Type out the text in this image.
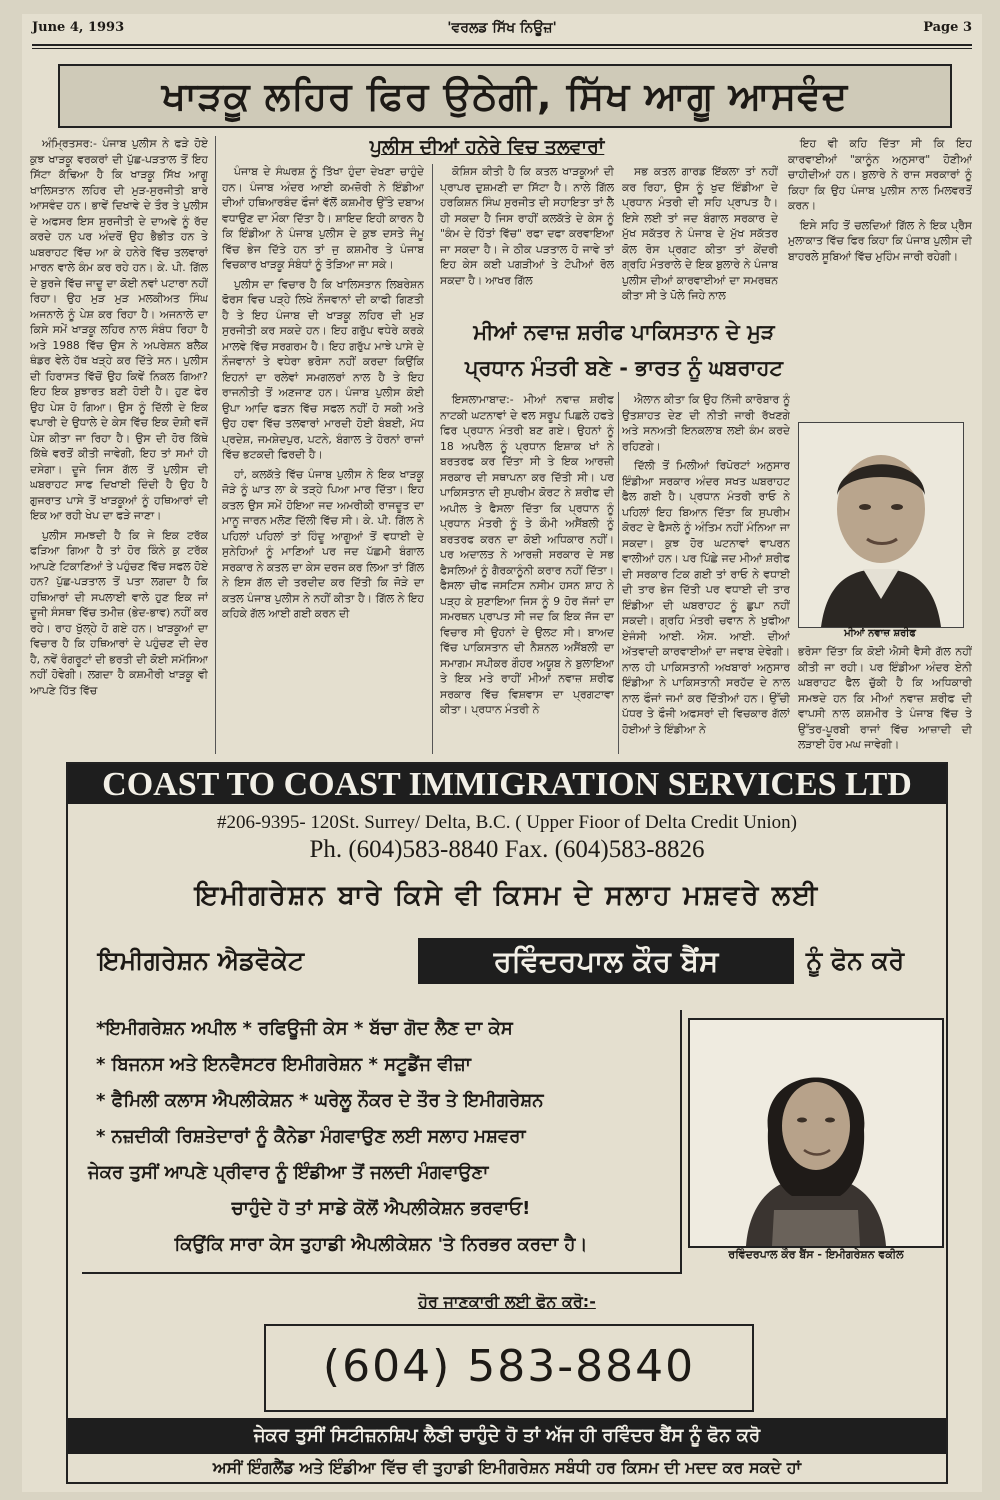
June 4, 1993	'ਵਰਲਡ ਸਿੱਖ ਨਿਊਜ਼'	Page 3
ਖਾੜਕੂ ਲਹਿਰ ਫਿਰ ਉਠੇਗੀ, ਸਿੱਖ ਆਗੂ ਆਸਵੰਦ
ਪੁਲੀਸ ਦੀਆਂ ਹਨੇਰੇ ਵਿਚ ਤਲਵਾਰਾਂ

ਅੰਮ੍ਰਿਤਸਰ:- ਪੰਜਾਬ ਪੁਲੀਸ ਨੇ ਫੜੇ ਹੋਏ ਕੁਝ ਖਾੜਕੂ ਵਰਕਰਾਂ ਦੀ ਪੁੱਛ-ਪੜਤਾਲ ਤੋਂ ਇਹ ਸਿੱਟਾ ਕੱਢਿਆ ਹੈ ਕਿ ਖਾੜਕੂ ਸਿੱਖ ਆਗੂ ਖਾਲਿਸਤਾਨ ਲਹਿਰ ਦੀ ਮੁੜ-ਸੁਰਜੀਤੀ ਬਾਰੇ ਆਸਵੰਦ ਹਨ। ਭਾਵੇਂ ਦਿਖਾਵੇ ਦੇ ਤੌਰ ਤੇ ਪੁਲੀਸ ਦੇ ਅਫਸਰ ਇਸ ਸੁਰਜੀਤੀ ਦੇ ਦਾਅਵੇ ਨੂੰ ਰੱਦ ਕਰਦੇ ਹਨ ਪਰ ਅੰਦਰੋਂ ਉਹ ਭੈਭੀਤ ਹਨ ਤੇ ਘਬਰਾਹਟ ਵਿੱਚ ਆ ਕੇ ਹਨੇਰੇ ਵਿੱਚ ਤਲਵਾਰਾਂ ਮਾਰਨ ਵਾਲੇ ਕੰਮ ਕਰ ਰਹੇ ਹਨ। ਕੇ. ਪੀ. ਗਿੱਲ ਦੇ ਬੁਰਜੇ ਵਿੱਚ ਜਾਦੂ ਦਾ ਕੋਈ ਨਵਾਂ ਪਟਾਰਾ ਨਹੀਂ ਰਿਹਾ। ਉਹ ਮੁੜ ਮੁੜ ਮਲਕੀਅਤ ਸਿੰਘ ਅਜਨਾਲੇ ਨੂੰ ਪੇਸ਼ ਕਰ ਰਿਹਾ ਹੈ। ਅਜਨਾਲੇ ਦਾ ਕਿਸੇ ਸਮੇਂ ਖਾੜਕੂ ਲਹਿਰ ਨਾਲ ਸੰਬੰਧ ਰਿਹਾ ਹੈ ਅਤੇ 1988 ਵਿੱਚ ਉਸ ਨੇ ਅਪਰੇਸ਼ਨ ਬਲੈਕ ਥੰਡਰ ਵੇਲੇ ਹੱਥ ਖੜ੍ਹੇ ਕਰ ਦਿੱਤੇ ਸਨ। ਪੁਲੀਸ ਦੀ ਹਿਰਾਸਤ ਵਿੱਚੋਂ ਉਹ ਕਿਵੇਂ ਨਿਕਲ ਗਿਆ? ਇਹ ਇਕ ਬੁਝਾਰਤ ਬਣੀ ਹੋਈ ਹੈ। ਹੁਣ ਫੇਰ ਉਹ ਪੇਸ਼ ਹੋ ਗਿਆ। ਉਸ ਨੂੰ ਦਿੱਲੀ ਦੇ ਇਕ ਵਪਾਰੀ ਦੇ ਉਧਾਲੇ ਦੇ ਕੇਸ ਵਿੱਚ ਇਕ ਦੋਸ਼ੀ ਵਜੋਂ ਪੇਸ਼ ਕੀਤਾ ਜਾ ਰਿਹਾ ਹੈ। ਉਸ ਦੀ ਹੋਰ ਕਿੱਥੇ ਕਿੱਥੇ ਵਰਤੋਂ ਕੀਤੀ ਜਾਵੇਗੀ, ਇਹ ਤਾਂ ਸਮਾਂ ਹੀ ਦਸੇਗਾ। ਦੂਜੇ ਜਿਸ ਗੱਲ ਤੋਂ ਪੁਲੀਸ ਦੀ ਘਬਰਾਹਟ ਸਾਫ ਦਿਖਾਈ ਦਿੰਦੀ ਹੈ ਉਹ ਹੈ ਗੁਜਰਾਤ ਪਾਸੇ ਤੋਂ ਖਾੜਕੂਆਂ ਨੂੰ ਹਥਿਆਰਾਂ ਦੀ ਇਕ ਆ ਰਹੀ ਖੇਪ ਦਾ ਫੜੇ ਜਾਣਾ।

ਪੁਲੀਸ ਸਮਝਦੀ ਹੈ ਕਿ ਜੇ ਇਕ ਟਰੱਕ ਫੜਿਆ ਗਿਆ ਹੈ ਤਾਂ ਹੋਰ ਕਿੰਨੇ ਕੁ ਟਰੱਕ ਆਪਣੇ ਟਿਕਾਣਿਆਂ ਤੇ ਪਹੁੰਚਣ ਵਿੱਚ ਸਫਲ ਹੋਏ ਹਨ? ਪੁੱਛ-ਪੜਤਾਲ ਤੋਂ ਪਤਾ ਲਗਦਾ ਹੈ ਕਿ ਹਥਿਆਰਾਂ ਦੀ ਸਪਲਾਈ ਵਾਲੇ ਹੁਣ ਇਕ ਜਾਂ ਦੂਜੀ ਸੰਸਥਾ ਵਿੱਚ ਤਮੀਜ਼ (ਭੇਦ-ਭਾਵ) ਨਹੀਂ ਕਰ ਰਹੇ। ਰਾਹ ਖੁੱਲ੍ਹੇ ਹੋ ਗਏ ਹਨ। ਖਾੜਕੂਆਂ ਦਾ ਵਿਚਾਰ ਹੈ ਕਿ ਹਥਿਆਰਾਂ ਦੇ ਪਹੁੰਚਣ ਦੀ ਦੇਰ ਹੈ, ਨਵੇਂ ਰੰਗਰੂਟਾਂ ਦੀ ਭਰਤੀ ਦੀ ਕੋਈ ਸਮੱਸਿਆ ਨਹੀਂ ਹੋਵੇਗੀ। ਲਗਦਾ ਹੈ ਕਸ਼ਮੀਰੀ ਖਾੜਕੂ ਵੀ ਆਪਣੇ ਹਿੱਤ ਵਿੱਚ

ਪੰਜਾਬ ਦੇ ਸੰਘਰਸ਼ ਨੂੰ ਤਿੱਖਾ ਹੁੰਦਾ ਦੇਖਣਾ ਚਾਹੁੰਦੇ ਹਨ। ਪੰਜਾਬ ਅੰਦਰ ਆਈ ਕਮਜ਼ੋਰੀ ਨੇ ਇੰਡੀਆ ਦੀਆਂ ਹਥਿਆਰਬੰਦ ਫੌਜਾਂ ਵੱਲੋਂ ਕਸ਼ਮੀਰ ਉੱਤੇ ਦਬਾਅ ਵਧਾਉਣ ਦਾ ਮੌਕਾ ਦਿੱਤਾ ਹੈ। ਸ਼ਾਇਦ ਇਹੀ ਕਾਰਨ ਹੈ ਕਿ ਇੰਡੀਆ ਨੇ ਪੰਜਾਬ ਪੁਲੀਸ ਦੇ ਕੁਝ ਦਸਤੇ ਜੰਮੂ ਵਿੱਚ ਭੇਜ ਦਿੱਤੇ ਹਨ ਤਾਂ ਜੁ ਕਸ਼ਮੀਰ ਤੇ ਪੰਜਾਬ ਵਿਚਕਾਰ ਖਾੜਕੂ ਸੰਬੰਧਾਂ ਨੂੰ ਤੋੜਿਆ ਜਾ ਸਕੇ।

ਪੁਲੀਸ ਦਾ ਵਿਚਾਰ ਹੈ ਕਿ ਖਾਲਿਸਤਾਨ ਲਿਬਰੇਸ਼ਨ ਫੋਰਸ ਵਿਚ ਪੜ੍ਹੇ ਲਿਖੇ ਨੌਜਵਾਨਾਂ ਦੀ ਕਾਫੀ ਗਿਣਤੀ ਹੈ ਤੇ ਇਹ ਪੰਜਾਬ ਦੀ ਖਾੜਕੂ ਲਹਿਰ ਦੀ ਮੁੜ ਸੁਰਜੀਤੀ ਕਰ ਸਕਦੇ ਹਨ। ਇਹ ਗਰੁੱਪ ਵਧੇਰੇ ਕਰਕੇ ਮਾਲਵੇ ਵਿੱਚ ਸਰਗਰਮ ਹੈ। ਇਹ ਗਰੁੱਪ ਮਾਝੇ ਪਾਸੇ ਦੇ ਨੌਜਵਾਨਾਂ ਤੇ ਵਧੇਰਾ ਭਰੋਸਾ ਨਹੀਂ ਕਰਦਾ ਕਿਉਂਕਿ ਇਹਨਾਂ ਦਾ ਰਲੇਵਾਂ ਸਮਗਲਰਾਂ ਨਾਲ ਹੈ ਤੇ ਇਹ ਰਾਜਨੀਤੀ ਤੋਂ ਅਣਜਾਣ ਹਨ। ਪੰਜਾਬ ਪੁਲੀਸ ਕੋਈ ਉਪਾ ਆਦਿ ਫੜਨ ਵਿੱਚ ਸਫਲ ਨਹੀਂ ਹੋ ਸਕੀ ਅਤੇ ਉਹ ਹਵਾ ਵਿੱਚ ਤਲਵਾਰਾਂ ਮਾਰਦੀ ਹੋਈ ਬੰਬਈ, ਮੱਧ ਪ੍ਰਦੇਸ਼, ਜਮਸ਼ੇਦਪੁਰ, ਪਟਨੇ, ਬੰਗਾਲ ਤੇ ਹੋਰਨਾਂ ਰਾਜਾਂ ਵਿੱਚ ਭਟਕਦੀ ਫਿਰਦੀ ਹੈ।

ਹਾਂ, ਕਲਕੱਤੇ ਵਿੱਚ ਪੰਜਾਬ ਪੁਲੀਸ ਨੇ ਇਕ ਖਾੜਕੂ ਜੋੜੇ ਨੂੰ ਘਾਤ ਲਾ ਕੇ ਤੜ੍ਹੇ ਪਿਆ ਮਾਰ ਦਿੱਤਾ। ਇਹ ਕਤਲ ਉਸ ਸਮੇਂ ਹੋਇਆ ਜਦ ਅਮਰੀਕੀ ਰਾਜਦੂਤ ਦਾ ਮਾਨੂ ਜਾਰਨ ਮਲੋਣ ਦਿੱਲੀ ਵਿੱਚ ਸੀ। ਕੇ. ਪੀ. ਗਿੱਲ ਨੇ ਪਹਿਲਾਂ ਪਹਿਲਾਂ ਤਾਂ ਹਿੰਦੂ ਆਗੂਆਂ ਤੋਂ ਵਧਾਈ ਦੇ ਸੁਨੇਹਿਆਂ ਨੂੰ ਮਾਣਿਆਂ ਪਰ ਜਦ ਪੱਛਮੀ ਬੰਗਾਲ ਸਰਕਾਰ ਨੇ ਕਤਲ ਦਾ ਕੇਸ ਦਰਜ ਕਰ ਲਿਆ ਤਾਂ ਗਿੱਲ ਨੇ ਇਸ ਗੱਲ ਦੀ ਤਰਦੀਦ ਕਰ ਦਿੱਤੀ ਕਿ ਜੋੜੇ ਦਾ ਕਤਲ ਪੰਜਾਬ ਪੁਲੀਸ ਨੇ ਨਹੀਂ ਕੀਤਾ ਹੈ। ਗਿੱਲ ਨੇ ਇਹ ਕਹਿਕੇ ਗੱਲ ਆਈ ਗਈ ਕਰਨ ਦੀ

ਕੋਸ਼ਿਸ ਕੀਤੀ ਹੈ ਕਿ ਕਤਲ ਖਾੜਕੂਆਂ ਦੀ ਪ੍ਰਾਪਰ ਦੁਸ਼ਮਣੀ ਦਾ ਸਿੱਟਾ ਹੈ। ਨਾਲੇ ਗਿੱਲ ਹਰਕਿਸ਼ਨ ਸਿੰਘ ਸੁਰਜੀਤ ਦੀ ਸਹਾਇਤਾ ਤਾਂ ਲੈ ਹੀ ਸਕਦਾ ਹੈ ਜਿਸ ਰਾਹੀਂ ਕਲਕੱਤੇ ਦੇ ਕੇਸ ਨੂੰ "ਕੰਮ ਦੇ ਹਿੱਤਾਂ ਵਿੱਚ" ਰਫਾ ਦਫਾ ਕਰਵਾਇਆ ਜਾ ਸਕਦਾ ਹੈ। ਜੇ ਠੀਕ ਪੜਤਾਲ ਹੋ ਜਾਵੇ ਤਾਂ ਇਹ ਕੇਸ ਕਈ ਪਗੜੀਆਂ ਤੇ ਟੋਪੀਆਂ ਰੋਲ ਸਕਦਾ ਹੈ। ਆਖਰ ਗਿੱਲ

ਸਭ ਕਤਲ ਗਾਰਡ ਇੱਕਲਾ ਤਾਂ ਨਹੀਂ ਕਰ ਰਿਹਾ, ਉਸ ਨੂੰ ਖੁਦ ਇੰਡੀਆ ਦੇ ਪ੍ਰਧਾਨ ਮੰਤਰੀ ਦੀ ਸਹਿ ਪ੍ਰਾਪਤ ਹੈ। ਇਸੇ ਲਈ ਤਾਂ ਜਦ ਬੰਗਾਲ ਸਰਕਾਰ ਦੇ ਮੁੱਖ ਸਕੱਤਰ ਨੇ ਪੰਜਾਬ ਦੇ ਮੁੱਖ ਸਕੱਤਰ ਕੋਲ ਰੋਸ ਪ੍ਰਗਟ ਕੀਤਾ ਤਾਂ ਕੇਂਦਰੀ ਗ੍ਰਹਿ ਮੰਤਰਾਲੇ ਦੇ ਇਕ ਬੁਲਾਰੇ ਨੇ ਪੰਜਾਬ ਪੁਲੀਸ ਦੀਆਂ ਕਾਰਵਾਈਆਂ ਦਾ ਸਮਰਥਨ ਕੀਤਾ ਸੀ ਤੇ ਪੋਲੇ ਜਿਹੇ ਨਾਲ

ਇਹ ਵੀ ਕਹਿ ਦਿੱਤਾ ਸੀ ਕਿ ਇਹ ਕਾਰਵਾਈਆਂ "ਕਾਨੂੰਨ ਅਨੁਸਾਰ" ਹੋਣੀਆਂ ਚਾਹੀਦੀਆਂ ਹਨ। ਬੁਲਾਰੇ ਨੇ ਰਾਜ ਸਰਕਾਰਾਂ ਨੂੰ ਕਿਹਾ ਕਿ ਉਹ ਪੰਜਾਬ ਪੁਲੀਸ ਨਾਲ ਮਿਲਵਰਤੋਂ ਕਰਨ।

ਇਸੇ ਸਹਿ ਤੋਂ ਚਲਦਿਆਂ ਗਿੱਲ ਨੇ ਇਕ ਪ੍ਰੈਸ ਮੁਲਾਕਾਤ ਵਿੱਚ ਫਿਰ ਕਿਹਾ ਕਿ ਪੰਜਾਬ ਪੁਲੀਸ ਦੀ ਬਾਹਰਲੇ ਸੂਬਿਆਂ ਵਿੱਚ ਮੁਹਿੰਮ ਜਾਰੀ ਰਹੇਗੀ।

ਮੀਆਂ ਨਵਾਜ਼ ਸ਼ਰੀਫ ਪਾਕਿਸਤਾਨ ਦੇ ਮੁੜ
ਪ੍ਰਧਾਨ ਮੰਤਰੀ ਬਣੇ - ਭਾਰਤ ਨੂੰ ਘਬਰਾਹਟ

ਇਸਲਾਮਾਬਾਦ:- ਮੀਆਂ ਨਵਾਜ਼ ਸ਼ਰੀਫ ਨਾਟਕੀ ਘਟਨਾਵਾਂ ਦੇ ਵਲ ਸਰੂਪ ਪਿਛਲੇ ਹਫਤੇ ਫਿਰ ਪ੍ਰਧਾਨ ਮੰਤਰੀ ਬਣ ਗਏ। ਉਹਨਾਂ ਨੂੰ 18 ਅਪਰੈਲ ਨੂੰ ਪ੍ਰਧਾਨ ਇਸ਼ਾਕ ਖਾਂ ਨੇ ਬਰਤਰਫ ਕਰ ਦਿੱਤਾ ਸੀ ਤੇ ਇਕ ਆਰਜ਼ੀ ਸਰਕਾਰ ਦੀ ਸਥਾਪਨਾ ਕਰ ਦਿੱਤੀ ਸੀ। ਪਰ ਪਾਕਿਸਤਾਨ ਦੀ ਸੁਪਰੀਮ ਕੋਰਟ ਨੇ ਸ਼ਰੀਫ ਦੀ ਅਪੀਲ ਤੇ ਫੈਸਲਾ ਦਿੱਤਾ ਕਿ ਪ੍ਰਧਾਨ ਨੂੰ ਪ੍ਰਧਾਨ ਮੰਤਰੀ ਨੂੰ ਤੇ ਕੌਮੀ ਅਸੈਂਬਲੀ ਨੂੰ ਬਰਤਰਫ ਕਰਨ ਦਾ ਕੋਈ ਅਧਿਕਾਰ ਨਹੀਂ। ਪਰ ਅਦਾਲਤ ਨੇ ਆਰਜ਼ੀ ਸਰਕਾਰ ਦੇ ਸਭ ਫੈਸਲਿਆਂ ਨੂੰ ਗੈਰਕਾਨੂੰਨੀ ਕਰਾਰ ਨਹੀਂ ਦਿੱਤਾ। ਫੈਸਲਾ ਚੀਫ ਜਸਟਿਸ ਨਸੀਮ ਹਸਨ ਸ਼ਾਹ ਨੇ ਪੜ੍ਹ ਕੇ ਸੁਣਾਇਆ ਜਿਸ ਨੂੰ 9 ਹੋਰ ਜੱਜਾਂ ਦਾ ਸਮਰਥਨ ਪ੍ਰਾਪਤ ਸੀ ਜਦ ਕਿ ਇਕ ਜੱਜ ਦਾ ਵਿਚਾਰ ਸੀ ਉਹਨਾਂ ਦੇ ਉਲਟ ਸੀ। ਬਾਅਦ ਵਿੱਚ ਪਾਕਿਸਤਾਨ ਦੀ ਨੈਸ਼ਨਲ ਅਸੈਂਬਲੀ ਦਾ ਸਮਾਗਮ ਸਪੀਕਰ ਗੌਹਰ ਅਯੂਬ ਨੇ ਬੁਲਾਇਆ ਤੇ ਇਕ ਮਤੇ ਰਾਹੀਂ ਮੀਆਂ ਨਵਾਜ਼ ਸ਼ਰੀਫ ਸਰਕਾਰ ਵਿੱਚ ਵਿਸ਼ਵਾਸ ਦਾ ਪ੍ਰਗਟਾਵਾ ਕੀਤਾ। ਪ੍ਰਧਾਨ ਮੰਤਰੀ ਨੇ

ਐਲਾਨ ਕੀਤਾ ਕਿ ਉਹ ਨਿੱਜੀ ਕਾਰੋਬਾਰ ਨੂੰ ਉਤਸ਼ਾਹਤ ਦੇਣ ਦੀ ਨੀਤੀ ਜਾਰੀ ਰੱਖਣਗੇ ਅਤੇ ਸਨਅਤੀ ਇਨਕਲਾਬ ਲਈ ਕੰਮ ਕਰਦੇ ਰਹਿਣਗੇ।

ਦਿੱਲੀ ਤੋਂ ਮਿਲੀਆਂ ਰਿਪੋਰਟਾਂ ਅਨੁਸਾਰ ਇੰਡੀਆ ਸਰਕਾਰ ਅੰਦਰ ਸਖਤ ਘਬਰਾਹਟ ਫੈਲ ਗਈ ਹੈ। ਪ੍ਰਧਾਨ ਮੰਤਰੀ ਰਾਓ ਨੇ ਪਹਿਲਾਂ ਇਹ ਬਿਆਨ ਦਿੱਤਾ ਕਿ ਸੁਪਰੀਮ ਕੋਰਟ ਦੇ ਫੈਸਲੇ ਨੂੰ ਅੰਤਿਮ ਨਹੀਂ ਮੰਨਿਆ ਜਾ ਸਕਦਾ। ਕੁਝ ਹੋਰ ਘਟਨਾਵਾਂ ਵਾਪਰਨ ਵਾਲੀਆਂ ਹਨ। ਪਰ ਪਿੱਛੇ ਜਦ ਮੀਆਂ ਸ਼ਰੀਫ ਦੀ ਸਰਕਾਰ ਟਿਕ ਗਈ ਤਾਂ ਰਾਓ ਨੇ ਵਧਾਈ ਦੀ ਤਾਰ ਭੇਜ ਦਿੱਤੀ ਪਰ ਵਧਾਈ ਦੀ ਤਾਰ ਇੰਡੀਆ ਦੀ ਘਬਰਾਹਟ ਨੂੰ ਛੁਪਾ ਨਹੀਂ ਸਕਦੀ। ਗ੍ਰਹਿ ਮੰਤਰੀ ਚਵਾਨ ਨੇ ਖੁਫੀਆ ਏਜੰਸੀ ਆਈ. ਐਸ. ਆਈ. ਦੀਆਂ ਅੱਤਵਾਦੀ ਕਾਰਵਾਈਆਂ ਦਾ ਜਵਾਬ ਦੇਵੇਗੀ। ਨਾਲ ਹੀ ਪਾਕਿਸਤਾਨੀ ਅਖਬਾਰਾਂ ਅਨੁਸਾਰ ਇੰਡੀਆ ਨੇ ਪਾਕਿਸਤਾਨੀ ਸਰਹੱਦ ਦੇ ਨਾਲ ਨਾਲ ਫੌਜਾਂ ਜਮਾਂ ਕਰ ਦਿੱਤੀਆਂ ਹਨ। ਉੱਚੀ ਪੱਧਰ ਤੇ ਫੌਜੀ ਅਫਸਰਾਂ ਦੀ ਵਿਚਕਾਰ ਗੱਲਾਂ ਹੋਈਆਂ ਤੇ ਇੰਡੀਆ ਨੇ

ਮੀਆਂ ਨਵਾਜ਼ ਸ਼ਰੀਫ

ਭਰੋਸਾ ਦਿੱਤਾ ਕਿ ਕੋਈ ਐਸੀ ਵੈਸੀ ਗੱਲ ਨਹੀਂ ਕੀਤੀ ਜਾ ਰਹੀ। ਪਰ ਇੰਡੀਆ ਅੰਦਰ ਏਨੀ ਘਬਰਾਹਟ ਫੈਲ ਚੁੱਕੀ ਹੈ ਕਿ ਅਧਿਕਾਰੀ ਸਮਝਦੇ ਹਨ ਕਿ ਮੀਆਂ ਨਵਾਜ਼ ਸ਼ਰੀਫ ਦੀ ਵਾਪਸੀ ਨਾਲ ਕਸ਼ਮੀਰ ਤੇ ਪੰਜਾਬ ਵਿੱਚ ਤੇ ਉੱਤਰ-ਪੂਰਬੀ ਰਾਜਾਂ ਵਿੱਚ ਆਜ਼ਾਦੀ ਦੀ ਲੜਾਈ ਹੋਰ ਮਘ ਜਾਵੇਗੀ।

COAST TO COAST IMMIGRATION SERVICES LTD
#206-9395- 120St. Surrey/ Delta, B.C. ( Upper Fioor of Delta Credit Union)
Ph. (604)583-8840 Fax. (604)583-8826
ਇਮੀਗਰੇਸ਼ਨ ਬਾਰੇ ਕਿਸੇ ਵੀ ਕਿਸਮ ਦੇ ਸਲਾਹ ਮਸ਼ਵਰੇ ਲਈ
ਇਮੀਗਰੇਸ਼ਨ ਐਡਵੋਕੇਟ	ਰਵਿੰਦਰਪਾਲ ਕੌਰ ਬੈਂਸ	ਨੂੰ ਫੋਨ ਕਰੋ
*ਇਮੀਗਰੇਸ਼ਨ ਅਪੀਲ * ਰਫਿਊਜੀ ਕੇਸ * ਬੱਚਾ ਗੋਦ ਲੈਣ ਦਾ ਕੇਸ
* ਬਿਜਨਸ ਅਤੇ ਇਨਵੈਸਟਰ ਇਮੀਗਰੇਸ਼ਨ * ਸਟੂਡੈਂਜ ਵੀਜ਼ਾ
* ਫੈਮਿਲੀ ਕਲਾਸ ਐਪਲੀਕੇਸ਼ਨ * ਘਰੇਲੂ ਨੌਕਰ ਦੇ ਤੌਰ ਤੇ ਇਮੀਗਰੇਸ਼ਨ
* ਨਜ਼ਦੀਕੀ ਰਿਸ਼ਤੇਦਾਰਾਂ ਨੂੰ ਕੈਨੇਡਾ ਮੰਗਵਾਉਣ ਲਈ ਸਲਾਹ ਮਸ਼ਵਰਾ
ਜੇਕਰ ਤੁਸੀਂ ਆਪਣੇ ਪ੍ਰੀਵਾਰ ਨੂੰ ਇੰਡੀਆ ਤੋਂ ਜਲਦੀ ਮੰਗਵਾਉਣਾ
ਚਾਹੁੰਦੇ ਹੋ ਤਾਂ ਸਾਡੇ ਕੋਲੋਂ ਐਪਲੀਕੇਸ਼ਨ ਭਰਵਾਓ!
ਕਿਉਂਕਿ ਸਾਰਾ ਕੇਸ ਤੁਹਾਡੀ ਐਪਲੀਕੇਸ਼ਨ 'ਤੇ ਨਿਰਭਰ ਕਰਦਾ ਹੈ।	ਰਵਿੰਦਰਪਾਲ ਕੌਰ ਬੈਂਸ - ਇਮੀਗਰੇਸ਼ਨ ਵਕੀਲ
ਹੋਰ ਜਾਣਕਾਰੀ ਲਈ ਫੋਨ ਕਰੋ:-
(604) 583-8840
ਜੇਕਰ ਤੁਸੀਂ ਸਿਟੀਜ਼ਨਸ਼ਿਪ ਲੈਣੀ ਚਾਹੁੰਦੇ ਹੋ ਤਾਂ ਅੱਜ ਹੀ ਰਵਿੰਦਰ ਬੈਂਸ ਨੂੰ ਫੋਨ ਕਰੋ
ਅਸੀਂ ਇੰਗਲੈਂਡ ਅਤੇ ਇੰਡੀਆ ਵਿੱਚ ਵੀ ਤੁਹਾਡੀ ਇਮੀਗਰੇਸ਼ਨ ਸਬੰਧੀ ਹਰ ਕਿਸਮ ਦੀ ਮਦਦ ਕਰ ਸਕਦੇ ਹਾਂ
